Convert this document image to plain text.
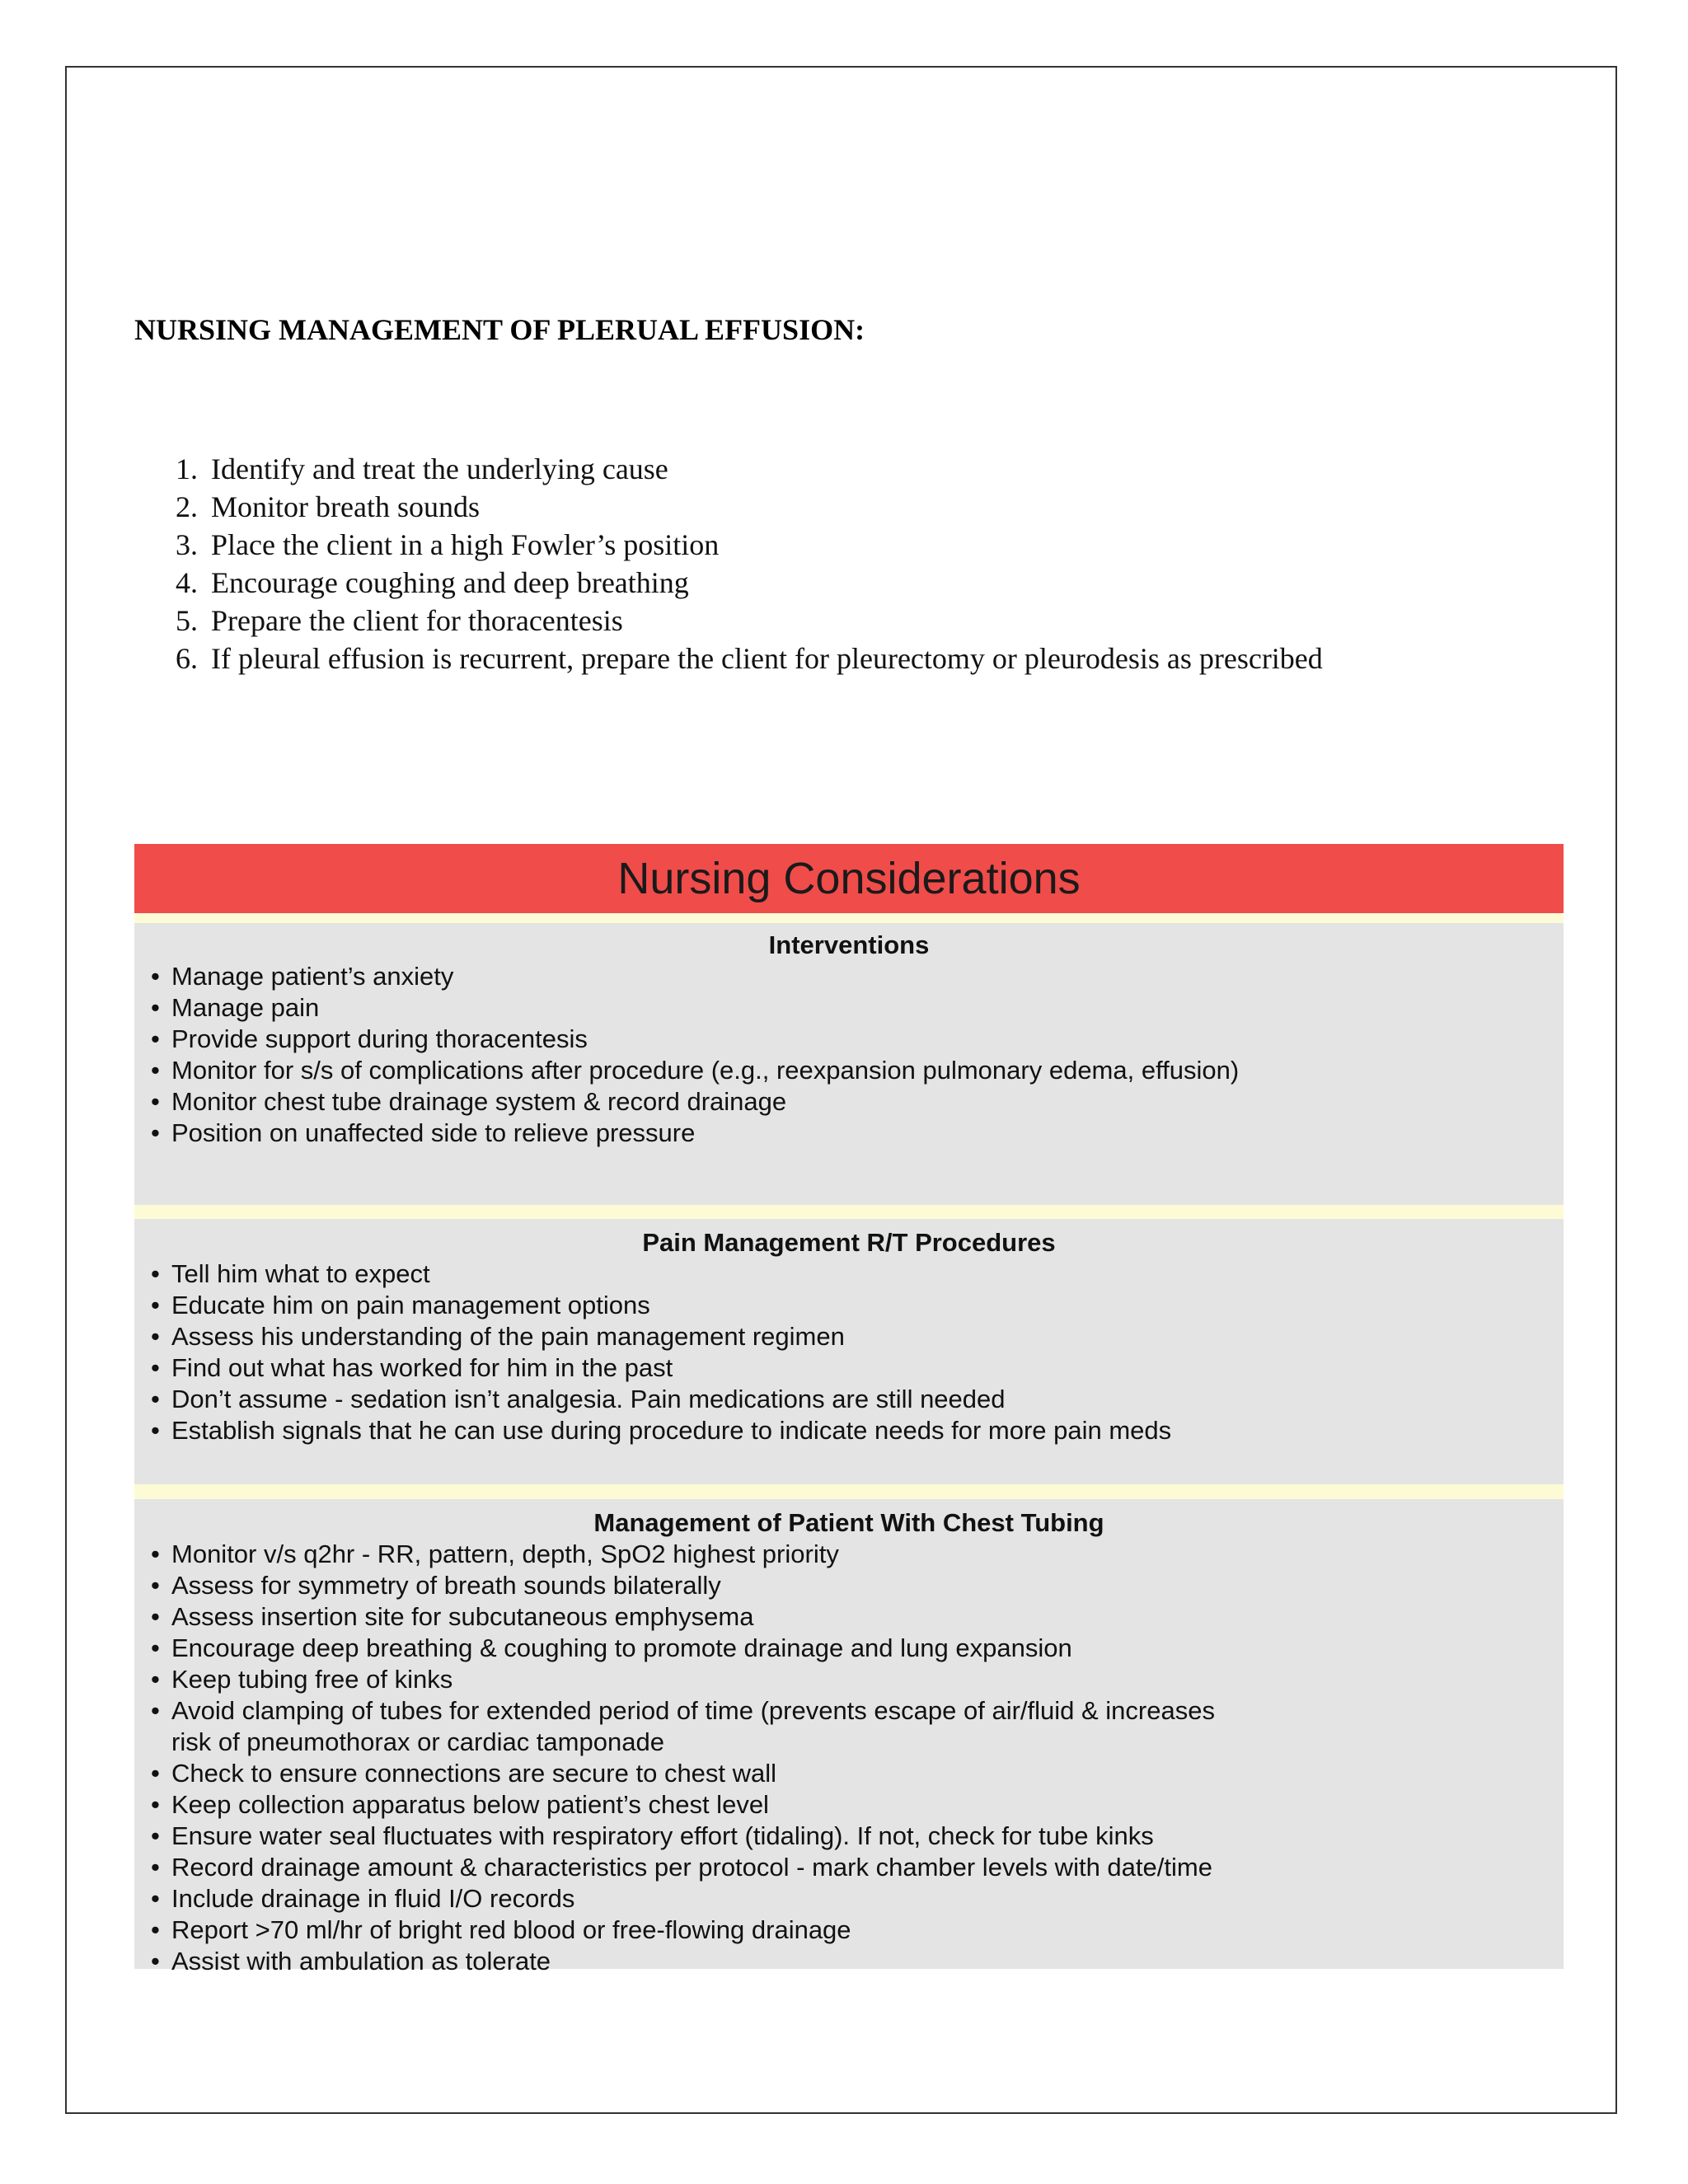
NURSING MANAGEMENT OF PLERUAL EFFUSION:
1. Identify and treat the underlying cause
2. Monitor breath sounds
3. Place the client in a high Fowler’s position
4. Encourage coughing and deep breathing
5. Prepare the client for thoracentesis
6. If pleural effusion is recurrent, prepare the client for pleurectomy or pleurodesis as prescribed
Nursing Considerations
Interventions
• Manage patient’s anxiety
• Manage pain
• Provide support during thoracentesis
• Monitor for s/s of complications after procedure (e.g., reexpansion pulmonary edema, effusion)
• Monitor chest tube drainage system & record drainage
• Position on unaffected side to relieve pressure
Pain Management R/T Procedures
• Tell him what to expect
• Educate him on pain management options
• Assess his understanding of the pain management regimen
• Find out what has worked for him in the past
• Don’t assume - sedation isn’t analgesia. Pain medications are still needed
• Establish signals that he can use during procedure to indicate needs for more pain meds
Management of Patient With Chest Tubing
• Monitor v/s q2hr - RR, pattern, depth, SpO2 highest priority
• Assess for symmetry of breath sounds bilaterally
• Assess insertion site for subcutaneous emphysema
• Encourage deep breathing & coughing to promote drainage and lung expansion
• Keep tubing free of kinks
• Avoid clamping of tubes for extended period of time (prevents escape of air/fluid & increases
risk of pneumothorax or cardiac tamponade
• Check to ensure connections are secure to chest wall
• Keep collection apparatus below patient’s chest level
• Ensure water seal fluctuates with respiratory effort (tidaling). If not, check for tube kinks
• Record drainage amount & characteristics per protocol - mark chamber levels with date/time
• Include drainage in fluid I/O records
• Report >70 ml/hr of bright red blood or free-flowing drainage
• Assist with ambulation as tolerate
